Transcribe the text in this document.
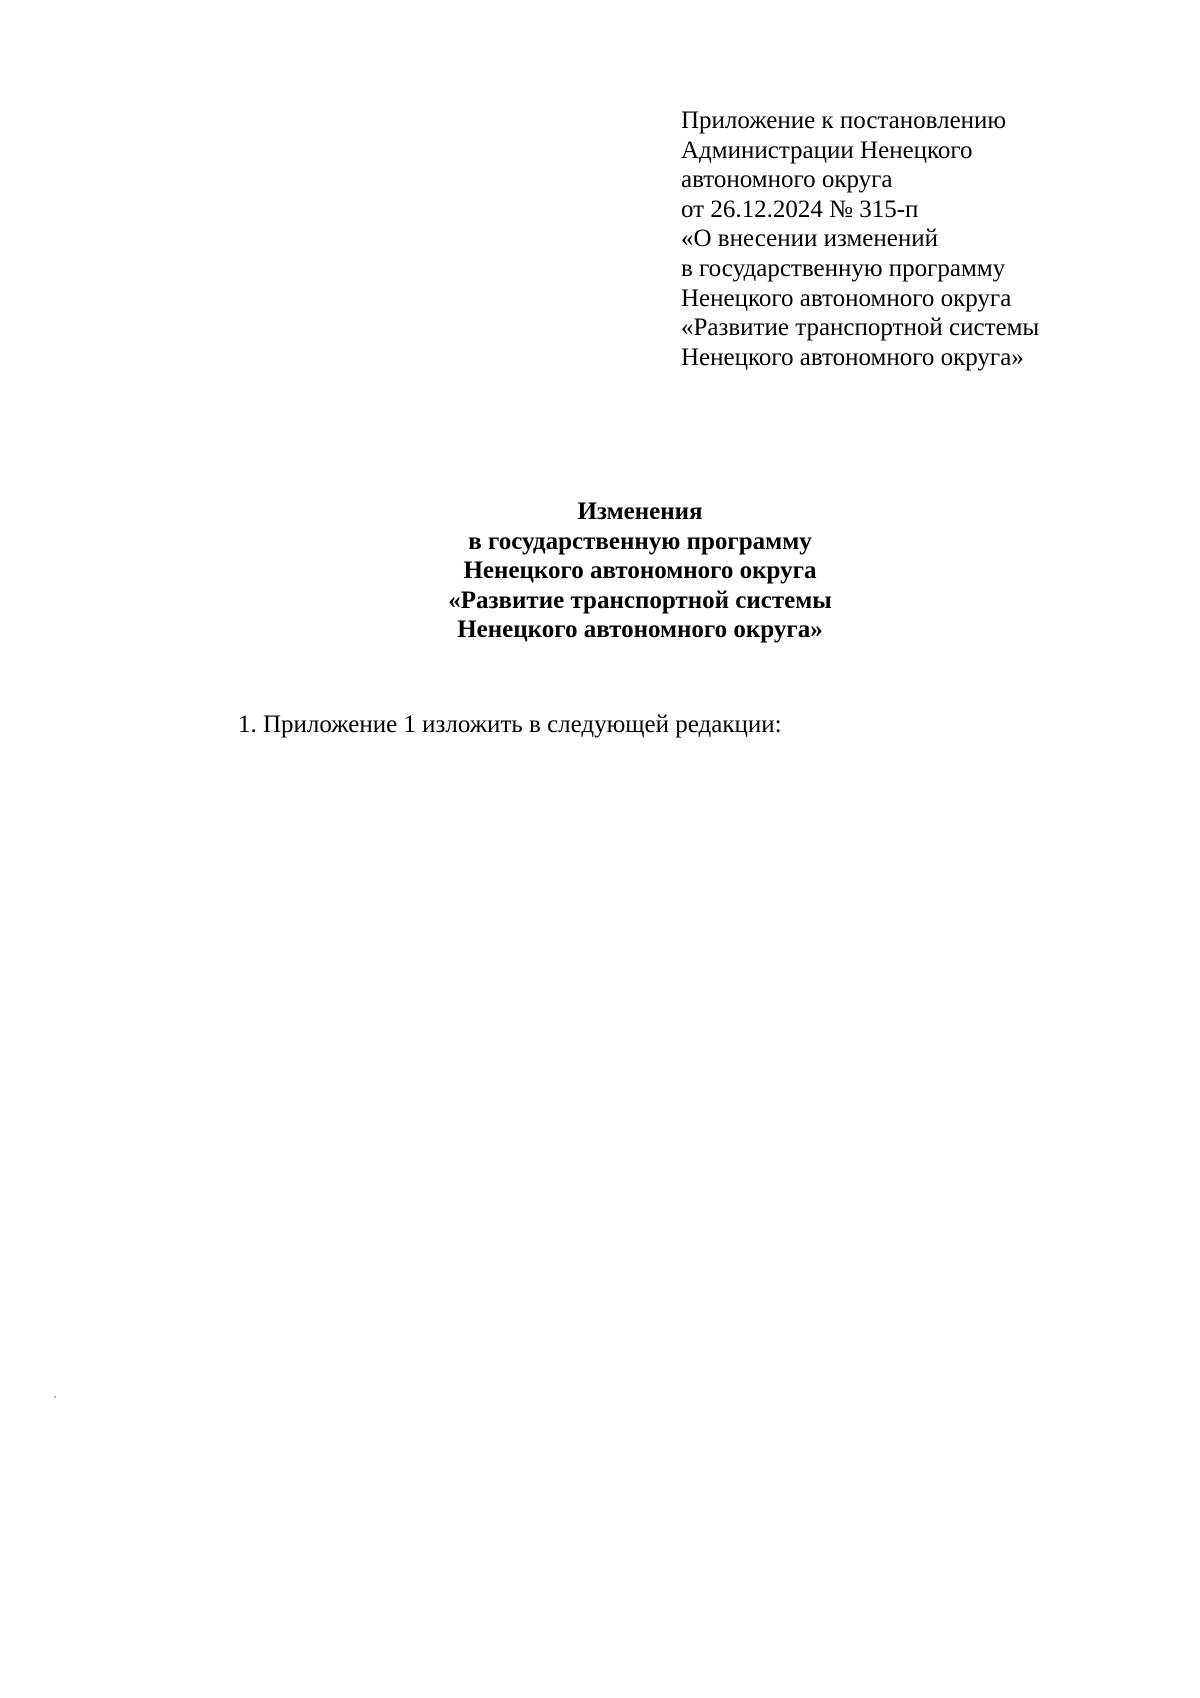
Приложение к постановлению
Администрации Ненецкого
автономного округа
от 26.12.2024 № 315-п
«О внесении изменений
в государственную программу
Ненецкого автономного округа
«Развитие транспортной системы
Ненецкого автономного округа»
Изменения
в государственную программу
Ненецкого автономного округа
«Развитие транспортной системы
Ненецкого автономного округа»
1. Приложение 1 изложить в следующей редакции:
